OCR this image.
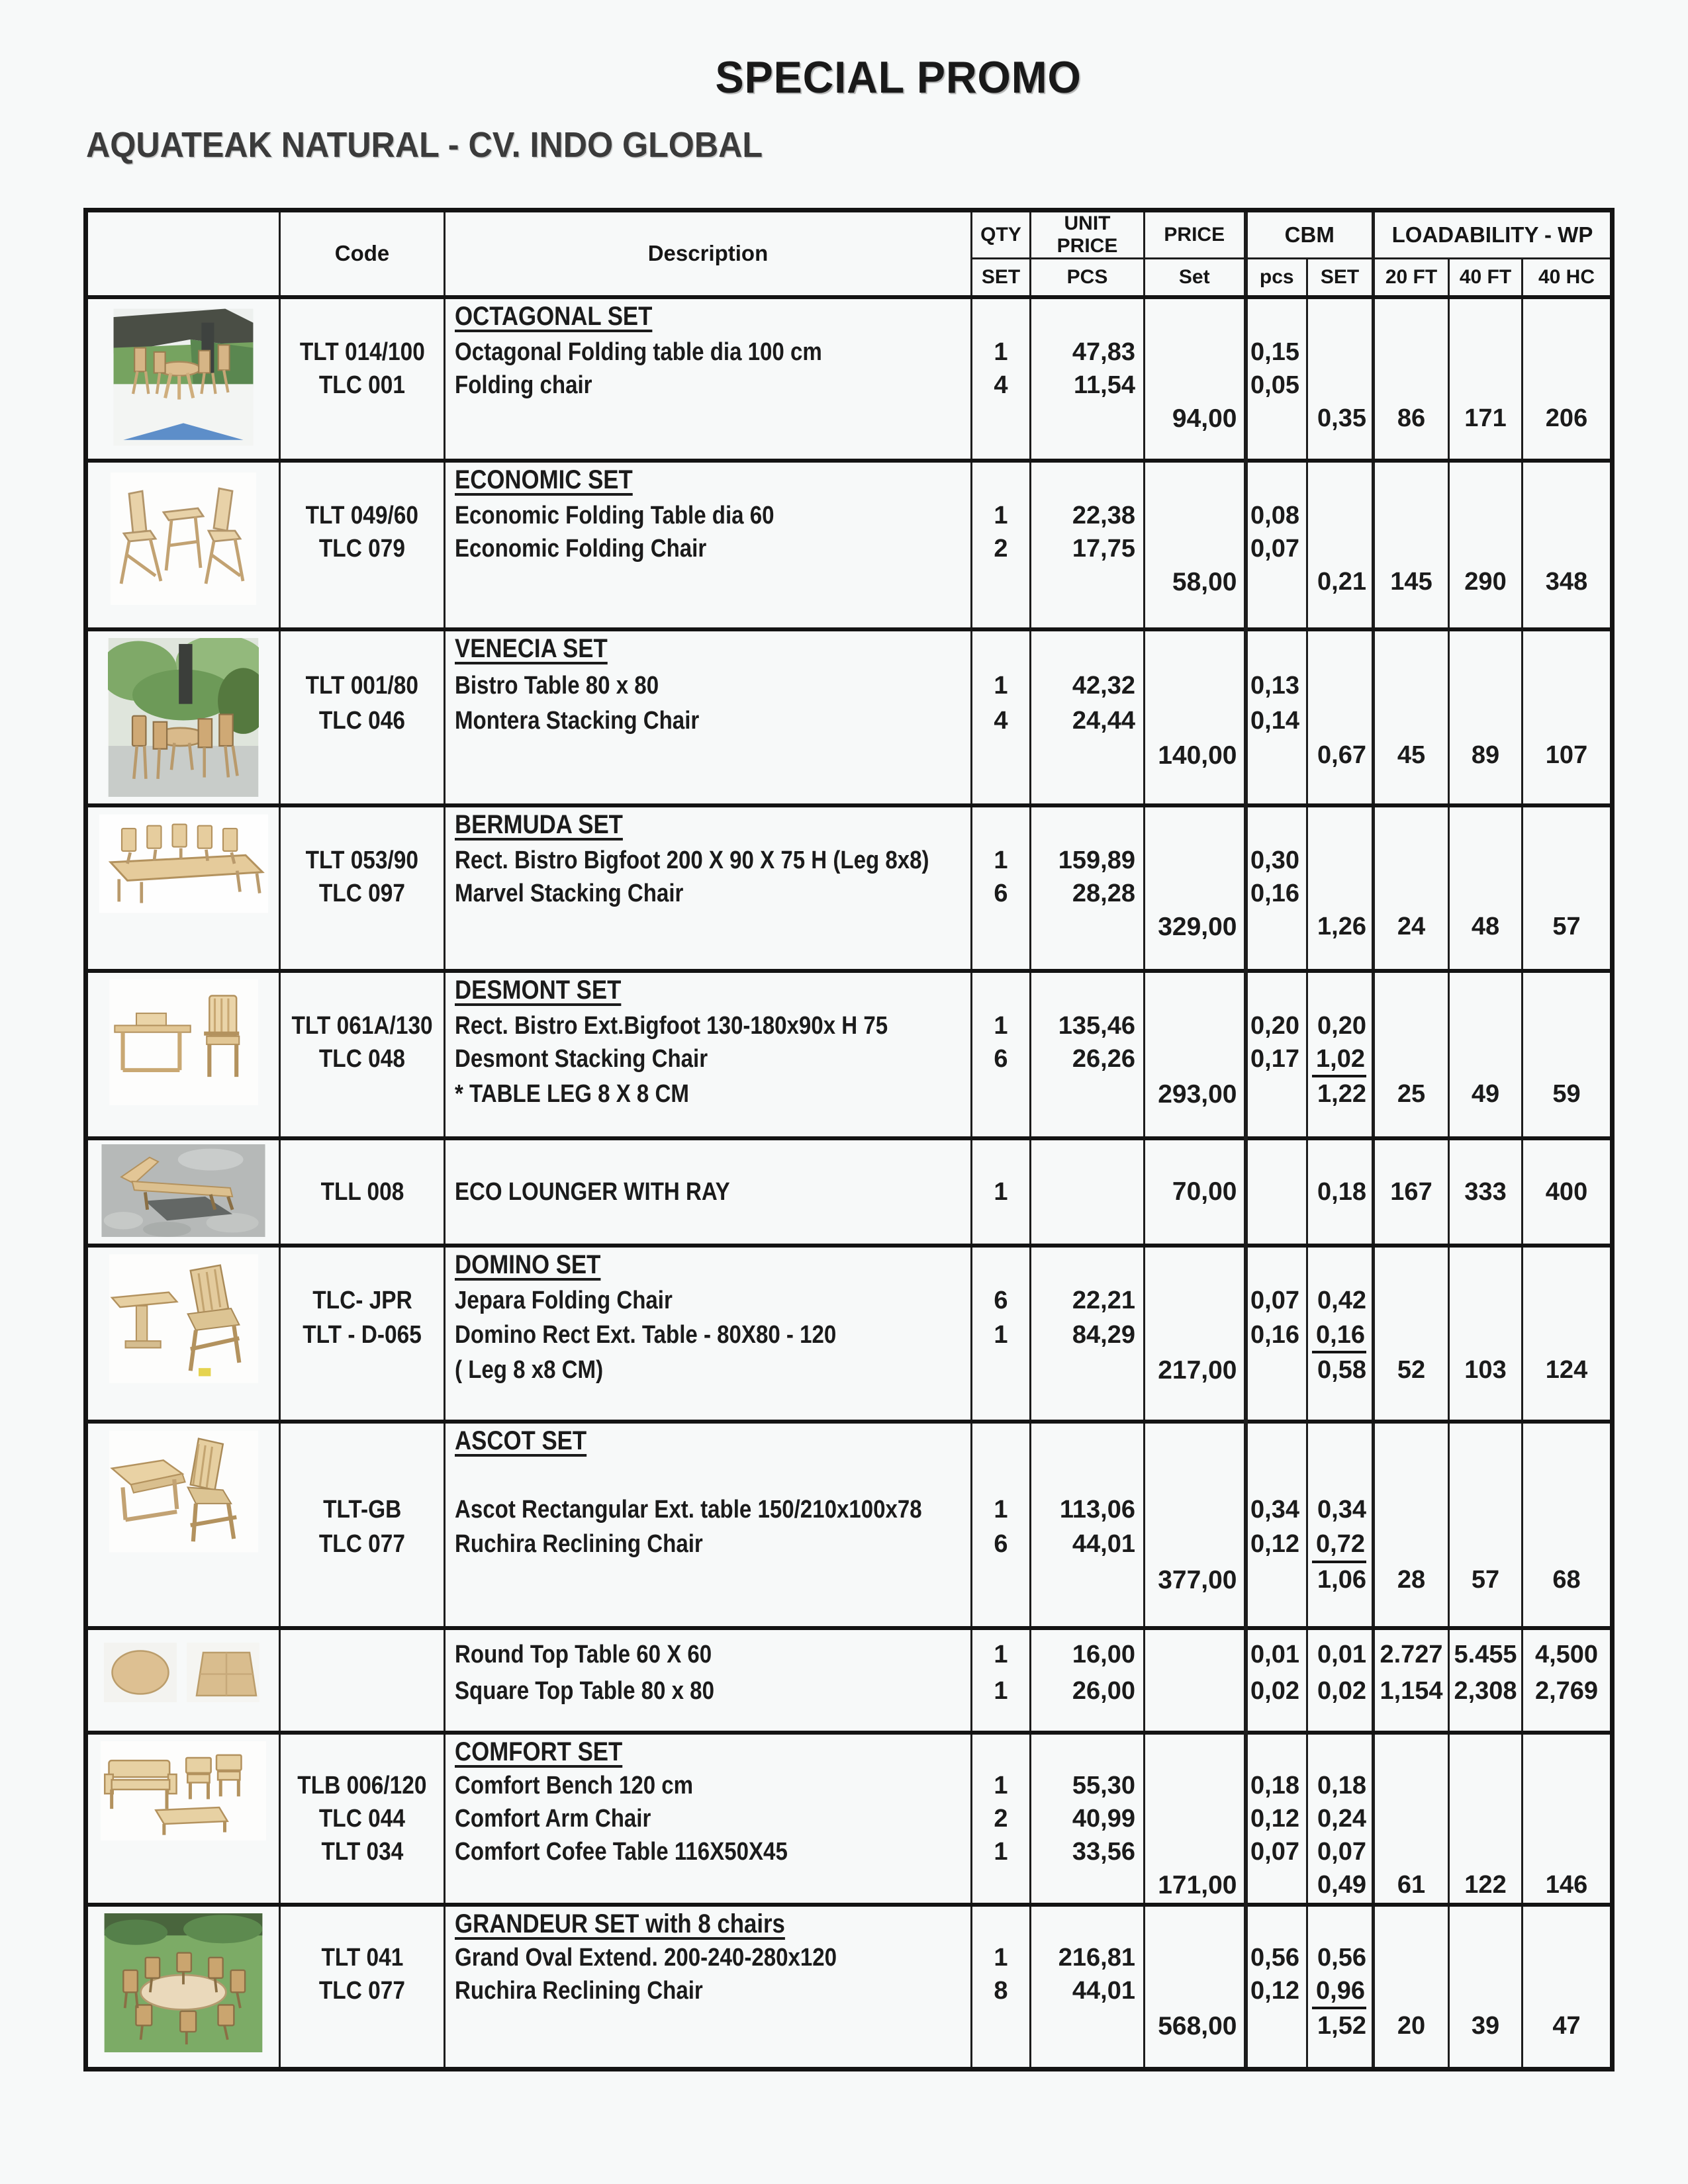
SPECIAL PROMO
AQUATEAK NATURAL - CV. INDO GLOBAL
	Code	Description	QTY	UNIT PRICE	PRICE	CBM		LOADABILITY - WP		
			SET	PCS	Set	pcs	SET	20 FT	40 FT	40 HC
		OCTAGONAL SET								
	TLT 014/100	Octagonal Folding table dia 100 cm	1	47,83		0,15				
	TLC 001	Folding chair	4	11,54		0,05				
					94,00		0,35	86	171	206

		ECONOMIC SET								
	TLT 049/60	Economic Folding Table dia 60	1	22,38		0,08				
	TLC 079	Economic Folding Chair	2	17,75		0,07				
					58,00		0,21	145	290	348

		VENECIA SET								
	TLT 001/80	Bistro Table 80 x 80	1	42,32		0,13				
	TLC 046	Montera Stacking Chair	4	24,44		0,14				
					140,00		0,67	45	89	107

		BERMUDA SET								
	TLT 053/90	Rect. Bistro Bigfoot 200 X 90 X 75 H (Leg 8x8)	1	159,89		0,30				
	TLC 097	Marvel Stacking Chair	6	28,28		0,16				
					329,00		1,26	24	48	57

		DESMONT SET								
	TLT 061A/130	Rect. Bistro Ext.Bigfoot 130-180x90x H 75	1	135,46		0,20	0,20			
	TLC 048	Desmont Stacking Chair	6	26,26		0,17	1,02			
		* TABLE LEG 8 X 8 CM			293,00		1,22	25	49	59

	TLL 008	ECO LOUNGER WITH RAY	1		70,00		0,18	167	333	400
		DOMINO SET								
	TLC- JPR	Jepara Folding Chair	6	22,21		0,07	0,42			
	TLT - D-065	Domino Rect Ext. Table - 80X80 - 120	1	84,29		0,16	0,16			
		( Leg 8 x8 CM)			217,00		0,58	52	103	124

		ASCOT SET								

	TLT-GB	Ascot Rectangular Ext. table 150/210x100x78	1	113,06		0,34	0,34			
	TLC 077	Ruchira Reclining Chair	6	44,01		0,12	0,72			
					377,00		1,06	28	57	68

		Round Top Table 60 X 60	1	16,00		0,01	0,01	2.727	5.455	4,500
		Square Top Table 80 x 80	1	26,00		0,02	0,02	1,154	2,308	2,769

		COMFORT SET								
	TLB 006/120	Comfort Bench 120 cm	1	55,30		0,18	0,18			
	TLC 044	Comfort Arm Chair	2	40,99		0,12	0,24			
	TLT 034	Comfort Cofee Table 116X50X45	1	33,56		0,07	0,07			
					171,00		0,49	61	122	146
		GRANDEUR SET with 8 chairs								
	TLT 041	Grand Oval Extend. 200-240-280x120	1	216,81		0,56	0,56			
	TLC 077	Ruchira Reclining Chair	8	44,01		0,12	0,96			
					568,00		1,52	20	39	47
